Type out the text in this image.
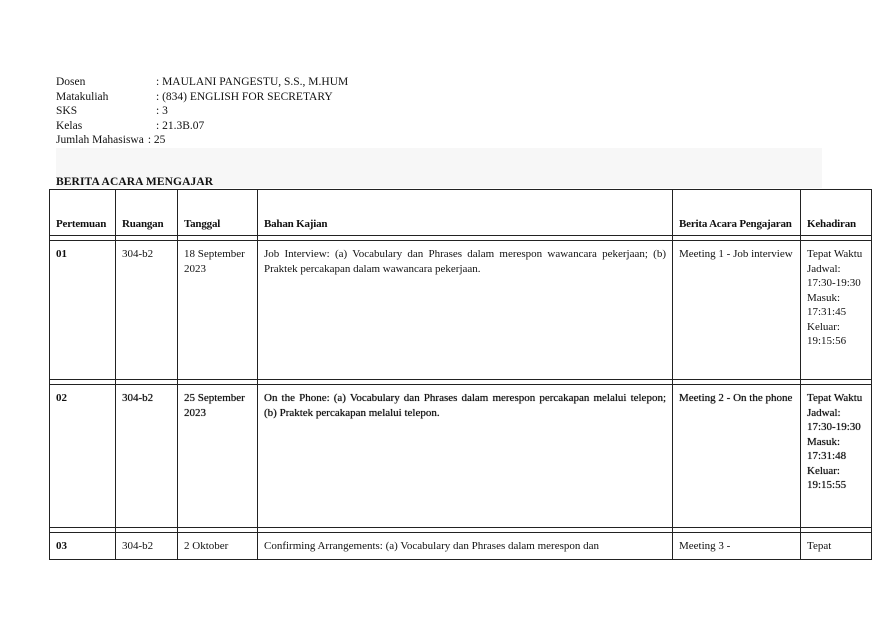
Dosen	: MAULANI PANGESTU, S.S., M.HUM
Matakuliah	: (834) ENGLISH FOR SECRETARY
SKS	: 3
Kelas	: 21.3B.07
Jumlah Mahasiswa : 25
BERITA ACARA MENGAJAR
Pertemuan	Ruangan	Tanggal	Bahan Kajian	Berita Acara Pengajaran	Kehadiran

01	304-b2	18 September 2023	Job Interview: (a) Vocabulary dan Phrases dalam merespon wawancara pekerjaan; (b) Praktek percakapan dalam wawancara pekerjaan.	Meeting 1 - Job interview	Tepat Waktu Jadwal: 17:30-19:30 Masuk: 17:31:45 Keluar: 19:15:56

02	304-b2	25 September 2023	On the Phone: (a) Vocabulary dan Phrases dalam merespon percakapan melalui telepon; (b) Praktek percakapan melalui telepon.	Meeting 2 - On the phone	Tepat Waktu Jadwal: 17:30-19:30 Masuk: 17:31:48 Keluar: 19:15:55

03	304-b2	2 Oktober	Confirming Arrangements: (a) Vocabulary dan Phrases dalam merespon dan	Meeting 3 -	Tepat
